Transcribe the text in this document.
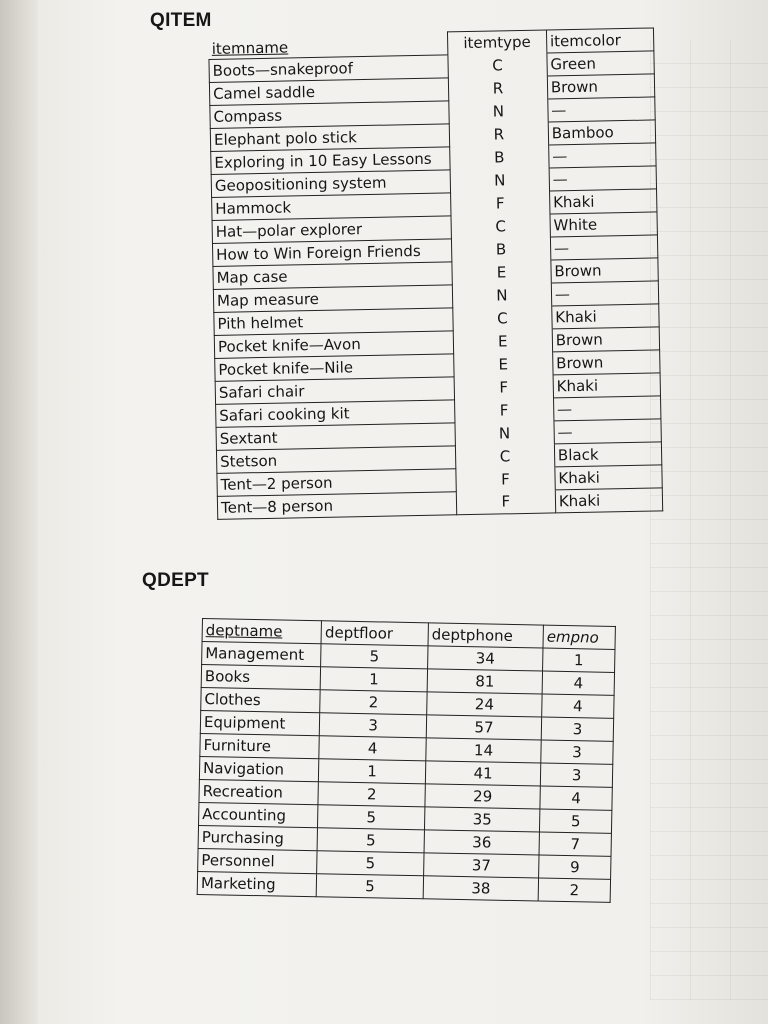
QITEM
itemname	itemtype	itemcolor
Boots—snakeproof	C	Green
Camel saddle	R	Brown
Compass	N	—
Elephant polo stick	R	Bamboo
Exploring in 10 Easy Lessons	B	—
Geopositioning system	N	—
Hammock	F	Khaki
Hat—polar explorer	C	White
How to Win Foreign Friends	B	—
Map case	E	Brown
Map measure	N	—
Pith helmet	C	Khaki
Pocket knife—Avon	E	Brown
Pocket knife—Nile	E	Brown
Safari chair	F	Khaki
Safari cooking kit	F	—
Sextant	N	—
Stetson	C	Black
Tent—2 person	F	Khaki
Tent—8 person	F	Khaki
QDEPT
deptname	deptfloor	deptphone	empno
Management	5	34	1
Books	1	81	4
Clothes	2	24	4
Equipment	3	57	3
Furniture	4	14	3
Navigation	1	41	3
Recreation	2	29	4
Accounting	5	35	5
Purchasing	5	36	7
Personnel	5	37	9
Marketing	5	38	2
